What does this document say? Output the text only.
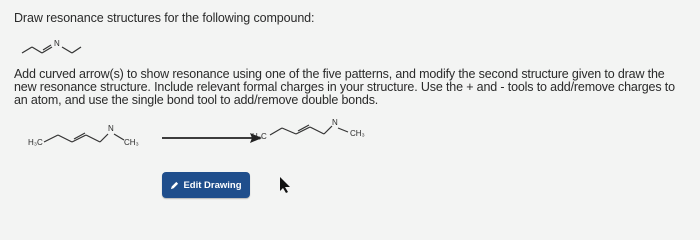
Draw resonance structures for the following compound:
N
Add curved arrow(s) to show resonance using one of the five patterns, and modify the second structure given to draw the new resonance structure. Include relevant formal charges in your structure. Use the + and - tools to add/remove charges to an atom, and use the single bond tool to add/remove double bonds.
H₃C
N
CH₃
H₃C
N
CH₃
Edit Drawing
